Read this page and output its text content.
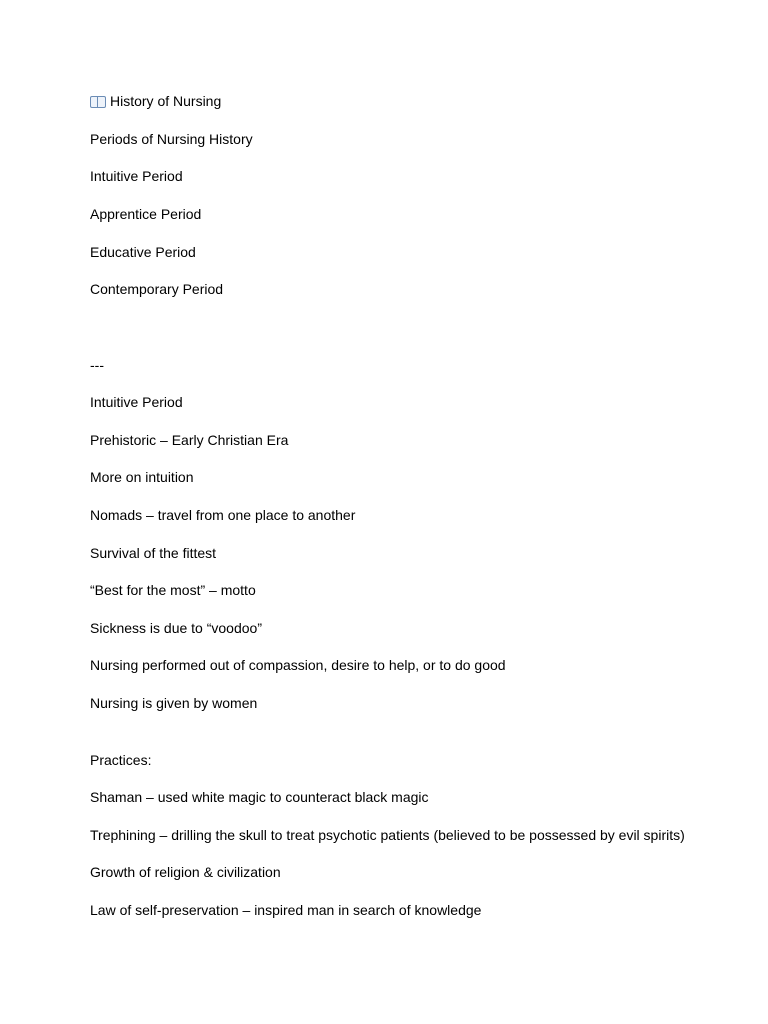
History of Nursing
Periods of Nursing History
Intuitive Period
Apprentice Period
Educative Period
Contemporary Period
---
Intuitive Period
Prehistoric – Early Christian Era
More on intuition
Nomads – travel from one place to another
Survival of the fittest
“Best for the most” – motto
Sickness is due to “voodoo”
Nursing performed out of compassion, desire to help, or to do good
Nursing is given by women
Practices:
Shaman – used white magic to counteract black magic
Trephining – drilling the skull to treat psychotic patients (believed to be possessed by evil spirits)
Growth of religion & civilization
Law of self-preservation – inspired man in search of knowledge
